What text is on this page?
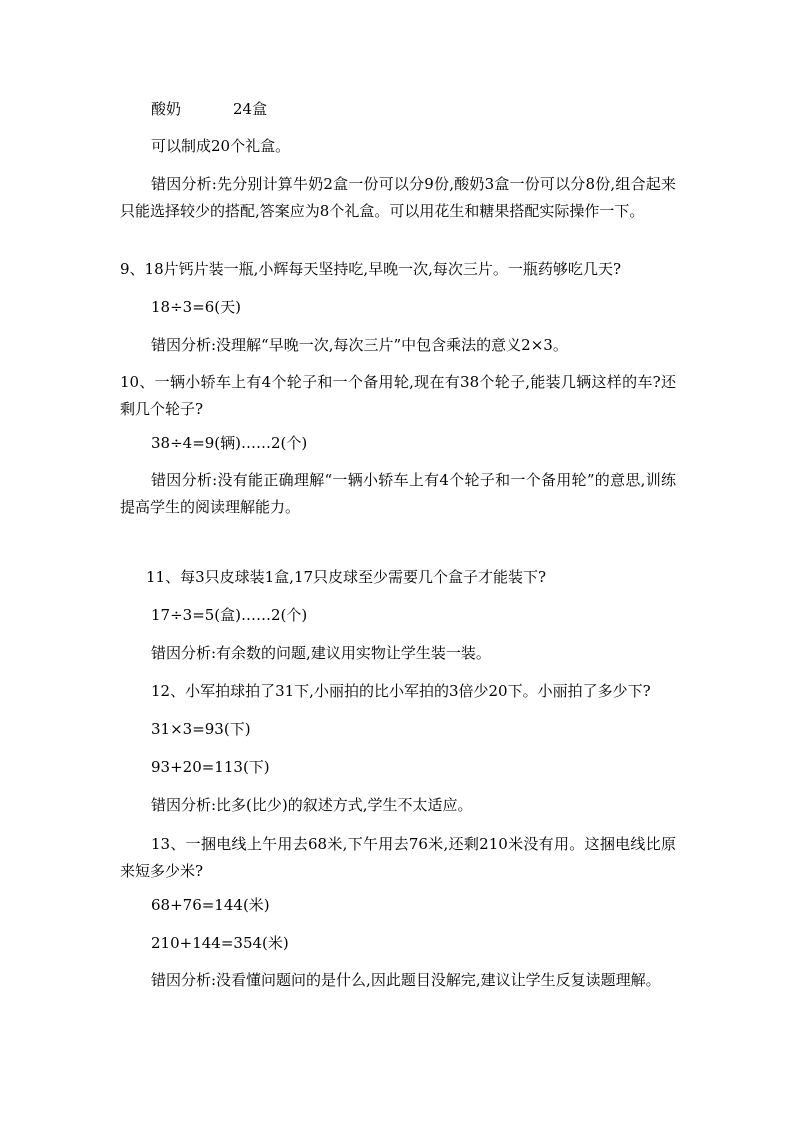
酸奶	24盒
可以制成20个礼盒。
错因分析:先分别计算牛奶2盒一份可以分9份,酸奶3盒一份可以分8份,组合起来只能选择较少的搭配,答案应为8个礼盒。可以用花生和糖果搭配实际操作一下。
9、18片钙片装一瓶,小辉每天坚持吃,早晚一次,每次三片。一瓶药够吃几天?
18÷3=6(天)
错因分析:没理解“早晚一次,每次三片”中包含乘法的意义2×3。
10、一辆小轿车上有4个轮子和一个备用轮,现在有38个轮子,能装几辆这样的车?还剩几个轮子?
38÷4=9(辆)……2(个)
错因分析:没有能正确理解“一辆小轿车上有4个轮子和一个备用轮”的意思,训练提高学生的阅读理解能力。
11、每3只皮球装1盒,17只皮球至少需要几个盒子才能装下?
17÷3=5(盒)……2(个)
错因分析:有余数的问题,建议用实物让学生装一装。
12、小军拍球拍了31下,小丽拍的比小军拍的3倍少20下。小丽拍了多少下?
31×3=93(下)
93+20=113(下)
错因分析:比多(比少)的叙述方式,学生不太适应。
13、一捆电线上午用去68米,下午用去76米,还剩210米没有用。这捆电线比原来短多少米?
68+76=144(米)
210+144=354(米)
错因分析:没看懂问题问的是什么,因此题目没解完,建议让学生反复读题理解。
